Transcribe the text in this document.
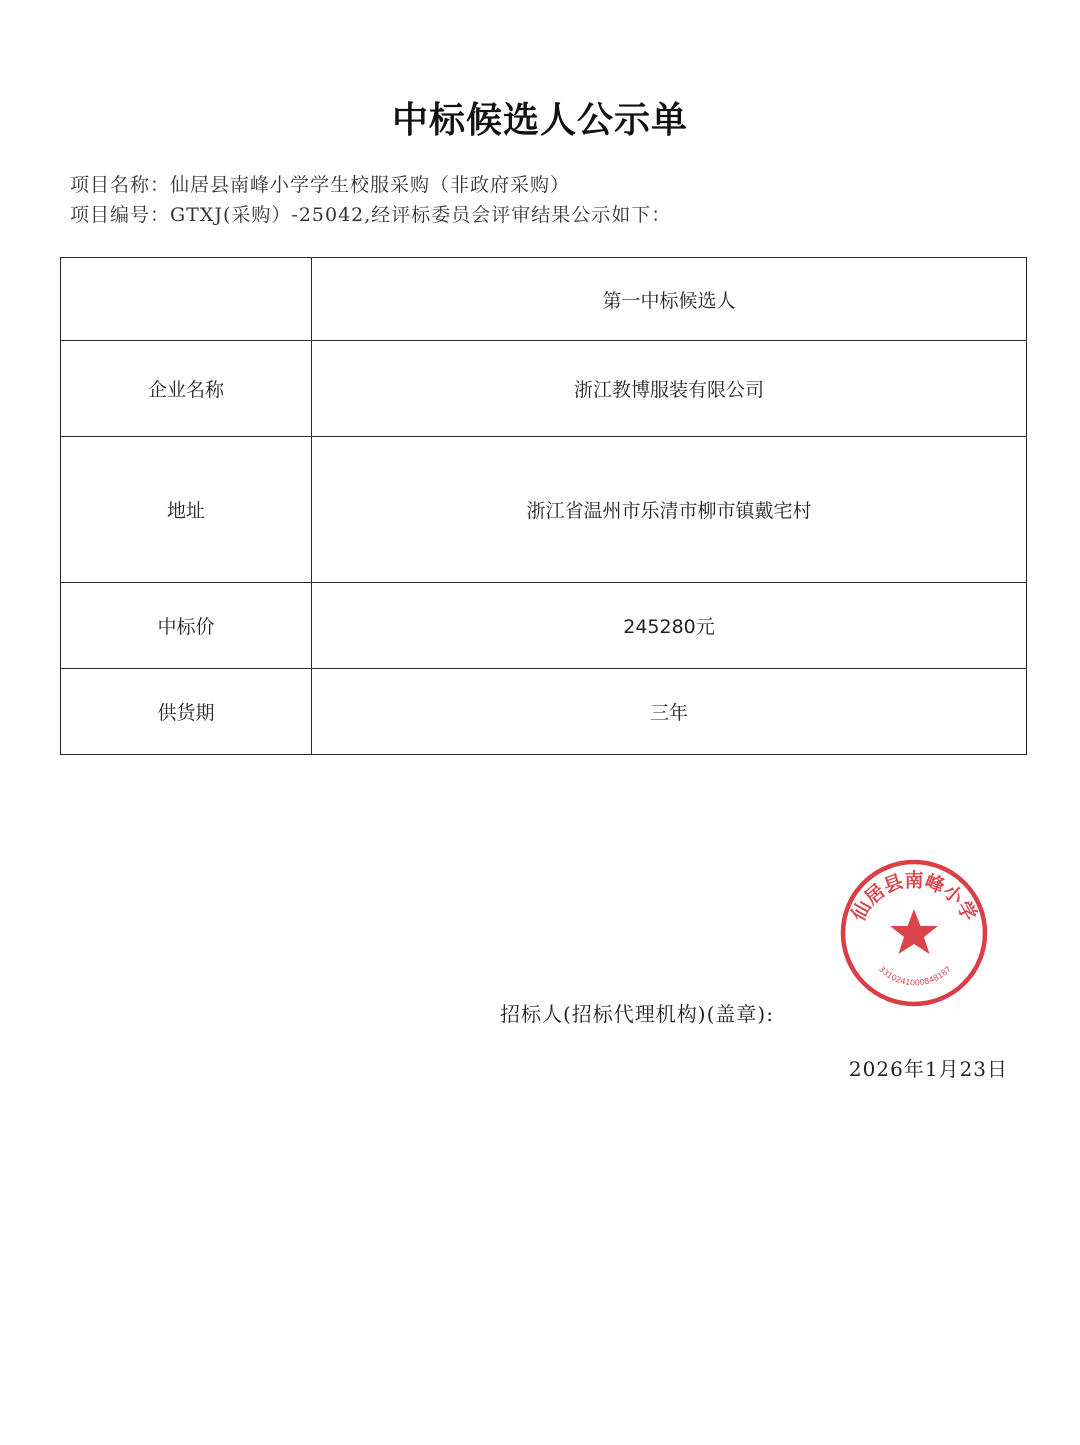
中标候选人公示单
项目名称：仙居县南峰小学学生校服采购（非政府采购）
项目编号：GTXJ(采购）-25042,经评标委员会评审结果公示如下：
	第一中标候选人
企业名称	浙江教博服装有限公司
地址	浙江省温州市乐清市柳市镇戴宅村
中标价	245280元
供货期	三年
仙居县南峰小学
3310241000848187
招标人(招标代理机构)(盖章):
2026年1月23日
